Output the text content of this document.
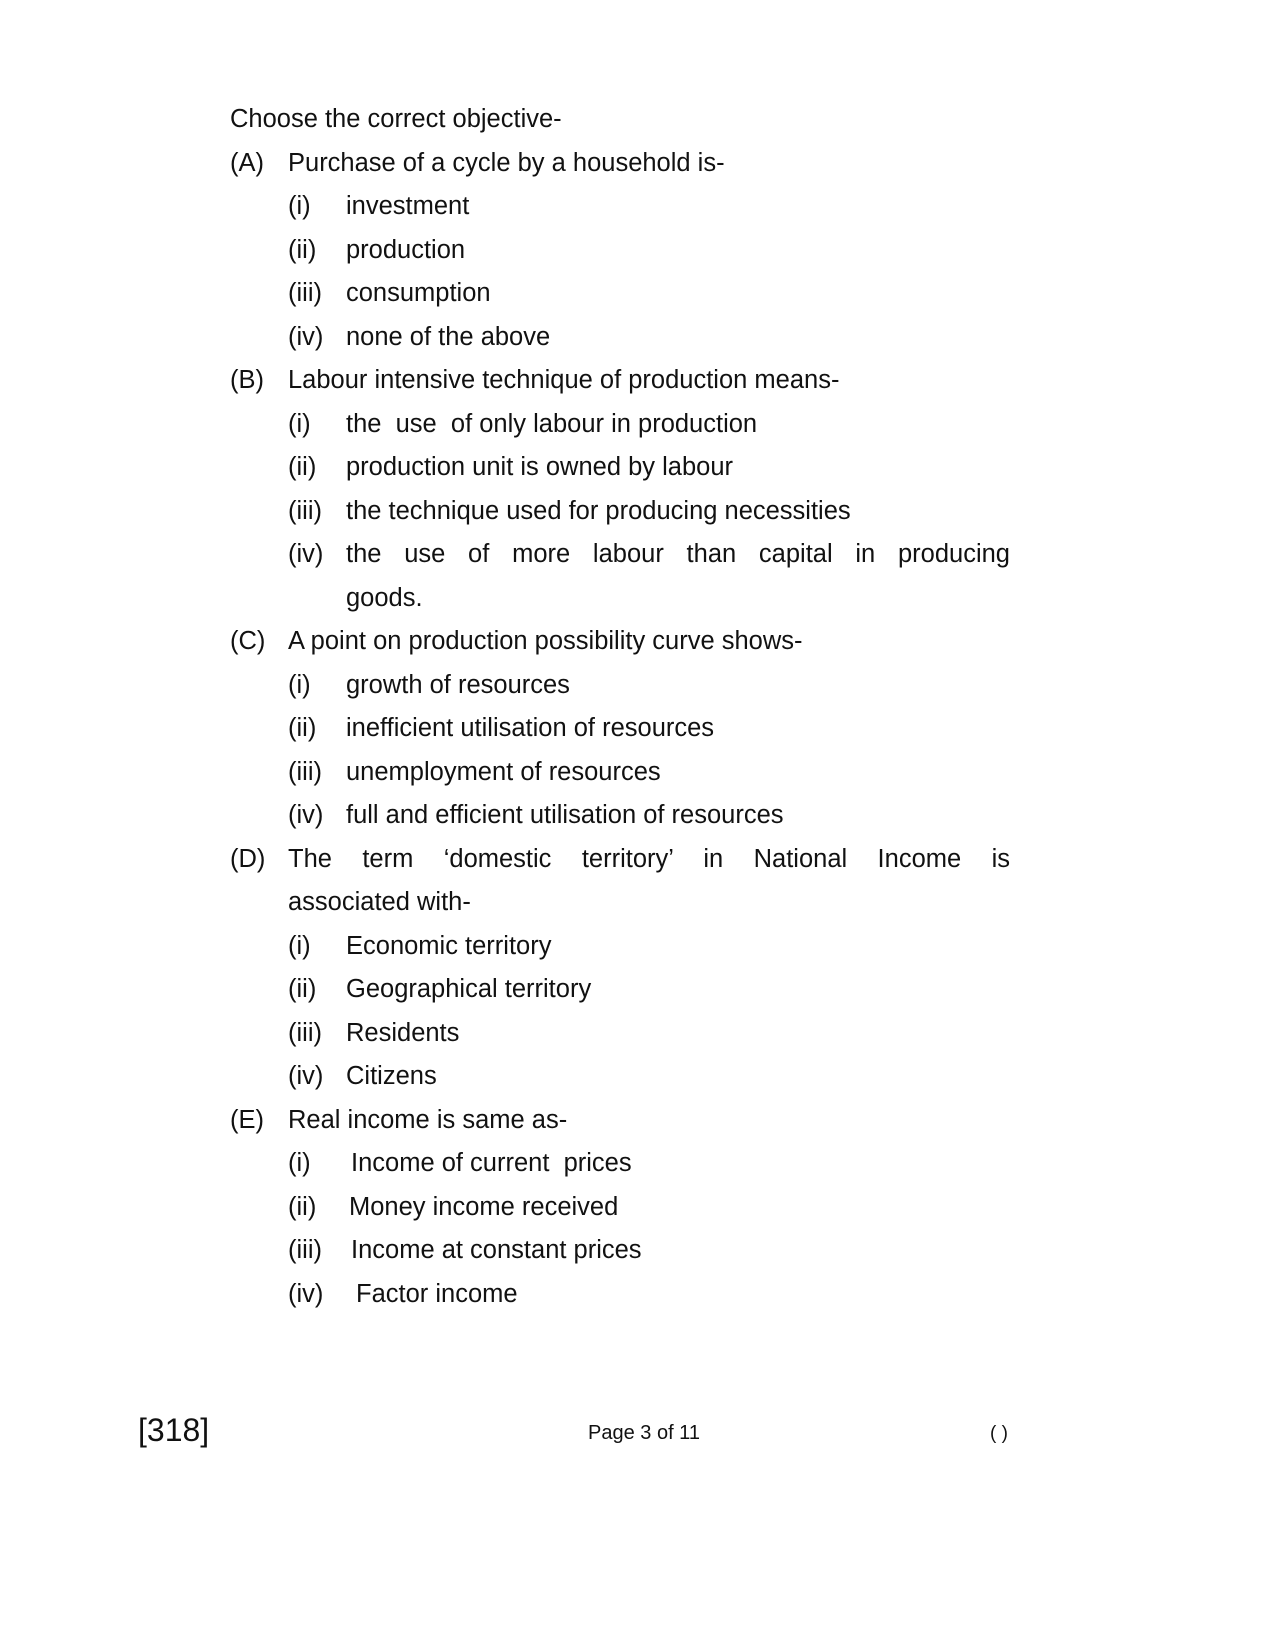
Choose the correct objective-
(A) Purchase of a cycle by a household is-
(i) investment
(ii) production
(iii) consumption
(iv) none of the above
(B) Labour intensive technique of production means-
(i) the  use  of only labour in production
(ii) production unit is owned by labour
(iii) the technique used for producing necessities
(iv) the use of more labour than capital in producing
goods.
(C) A point on production possibility curve shows-
(i) growth of resources
(ii) inefficient utilisation of resources
(iii) unemployment of resources
(iv) full and efficient utilisation of resources
(D) The term ‘domestic territory’ in National Income is
associated with-
(i) Economic territory
(ii) Geographical territory
(iii) Residents
(iv) Citizens
(E) Real income is same as-
(i) Income of current  prices
(ii) Money income received
(iii) Income at constant prices
(iv) Factor income
[318]	Page 3 of 11	( )
